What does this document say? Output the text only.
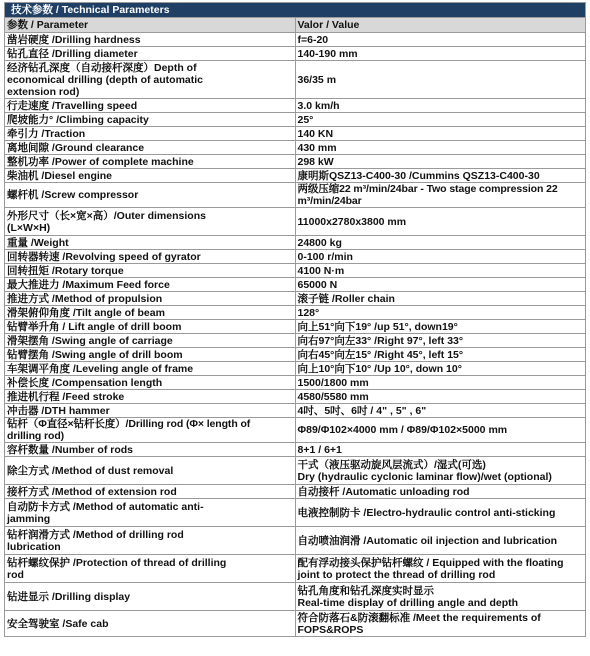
技术参数 / Technical Parameters	
参数 / Parameter	Valor / Value

凿岩硬度 /Drilling hardness	f=6-20

钻孔直径 /Drilling diameter	140-190 mm

经济钻孔深度（自动接杆深度）Depth of
economical drilling (depth of automatic
extension rod)	36/35 m

行走速度 /Travelling speed	3.0 km/h

爬坡能力° /Climbing capacity	25°

牵引力 /Traction	140 KN

离地间隙 /Ground clearance	430 mm

整机功率 /Power of complete machine	298 kW

柴油机 /Diesel engine	康明斯QSZ13-C400-30 /Cummins QSZ13-C400-30

螺杆机 /Screw compressor	两级压缩22 m³/min/24bar - Two stage compression 22 m³/min/24bar

外形尺寸（长×宽×高）/Outer dimensions
(L×W×H)	11000x2780x3800 mm

重量 /Weight	24800 kg

回转器转速 /Revolving speed of gyrator	0-100 r/min

回转扭矩 /Rotary torque	4100 N·m

最大推进力 /Maximum Feed force	65000 N

推进方式 /Method of propulsion	滚子链 /Roller chain

滑架俯仰角度 /Tilt angle of beam	128°

钻臂举升角 / Lift angle of drill boom	向上51°向下19° /up 51°, down19°

滑架摆角 /Swing angle of carriage	向右97°向左33° /Right 97°, left 33°

钻臂摆角 /Swing angle of drill boom	向右45°向左15° /Right 45°, left 15°

车架调平角度 /Leveling angle of frame	向上10°向下10° /Up 10°, down 10°

补偿长度 /Compensation length	1500/1800 mm

推进机行程 /Feed stroke	4580/5580 mm

冲击器 /DTH hammer	4吋、5吋、6吋 / 4" , 5" , 6"

钻杆（Φ直径×钻杆长度）/Drilling rod (Φ× length of
drilling rod)	Φ89/Φ102×4000 mm / Φ89/Φ102×5000 mm

容杆数量 /Number of rods	8+1 / 6+1

除尘方式 /Method of dust removal	干式（液压驱动旋风层流式）/湿式(可选)
Dry (hydraulic cyclonic laminar flow)/wet (optional)

接杆方式 /Method of extension rod	自动接杆 /Automatic unloading rod

自动防卡方式 /Method of automatic anti-
jamming	电液控制防卡 /Electro-hydraulic control anti-sticking

钻杆润滑方式 /Method of drilling rod
lubrication	自动喷油润滑 /Automatic oil injection and lubrication

钻杆螺纹保护 /Protection of thread of drilling
rod	配有浮动接头保护钻杆螺纹 / Equipped with the floating
joint to protect the thread of drilling rod

钻进显示 /Drilling display	钻孔角度和钻孔深度实时显示
Real-time display of drilling angle and depth

安全驾驶室 /Safe cab	符合防落石&防滚翻标准 /Meet the requirements of FOPS&ROPS
